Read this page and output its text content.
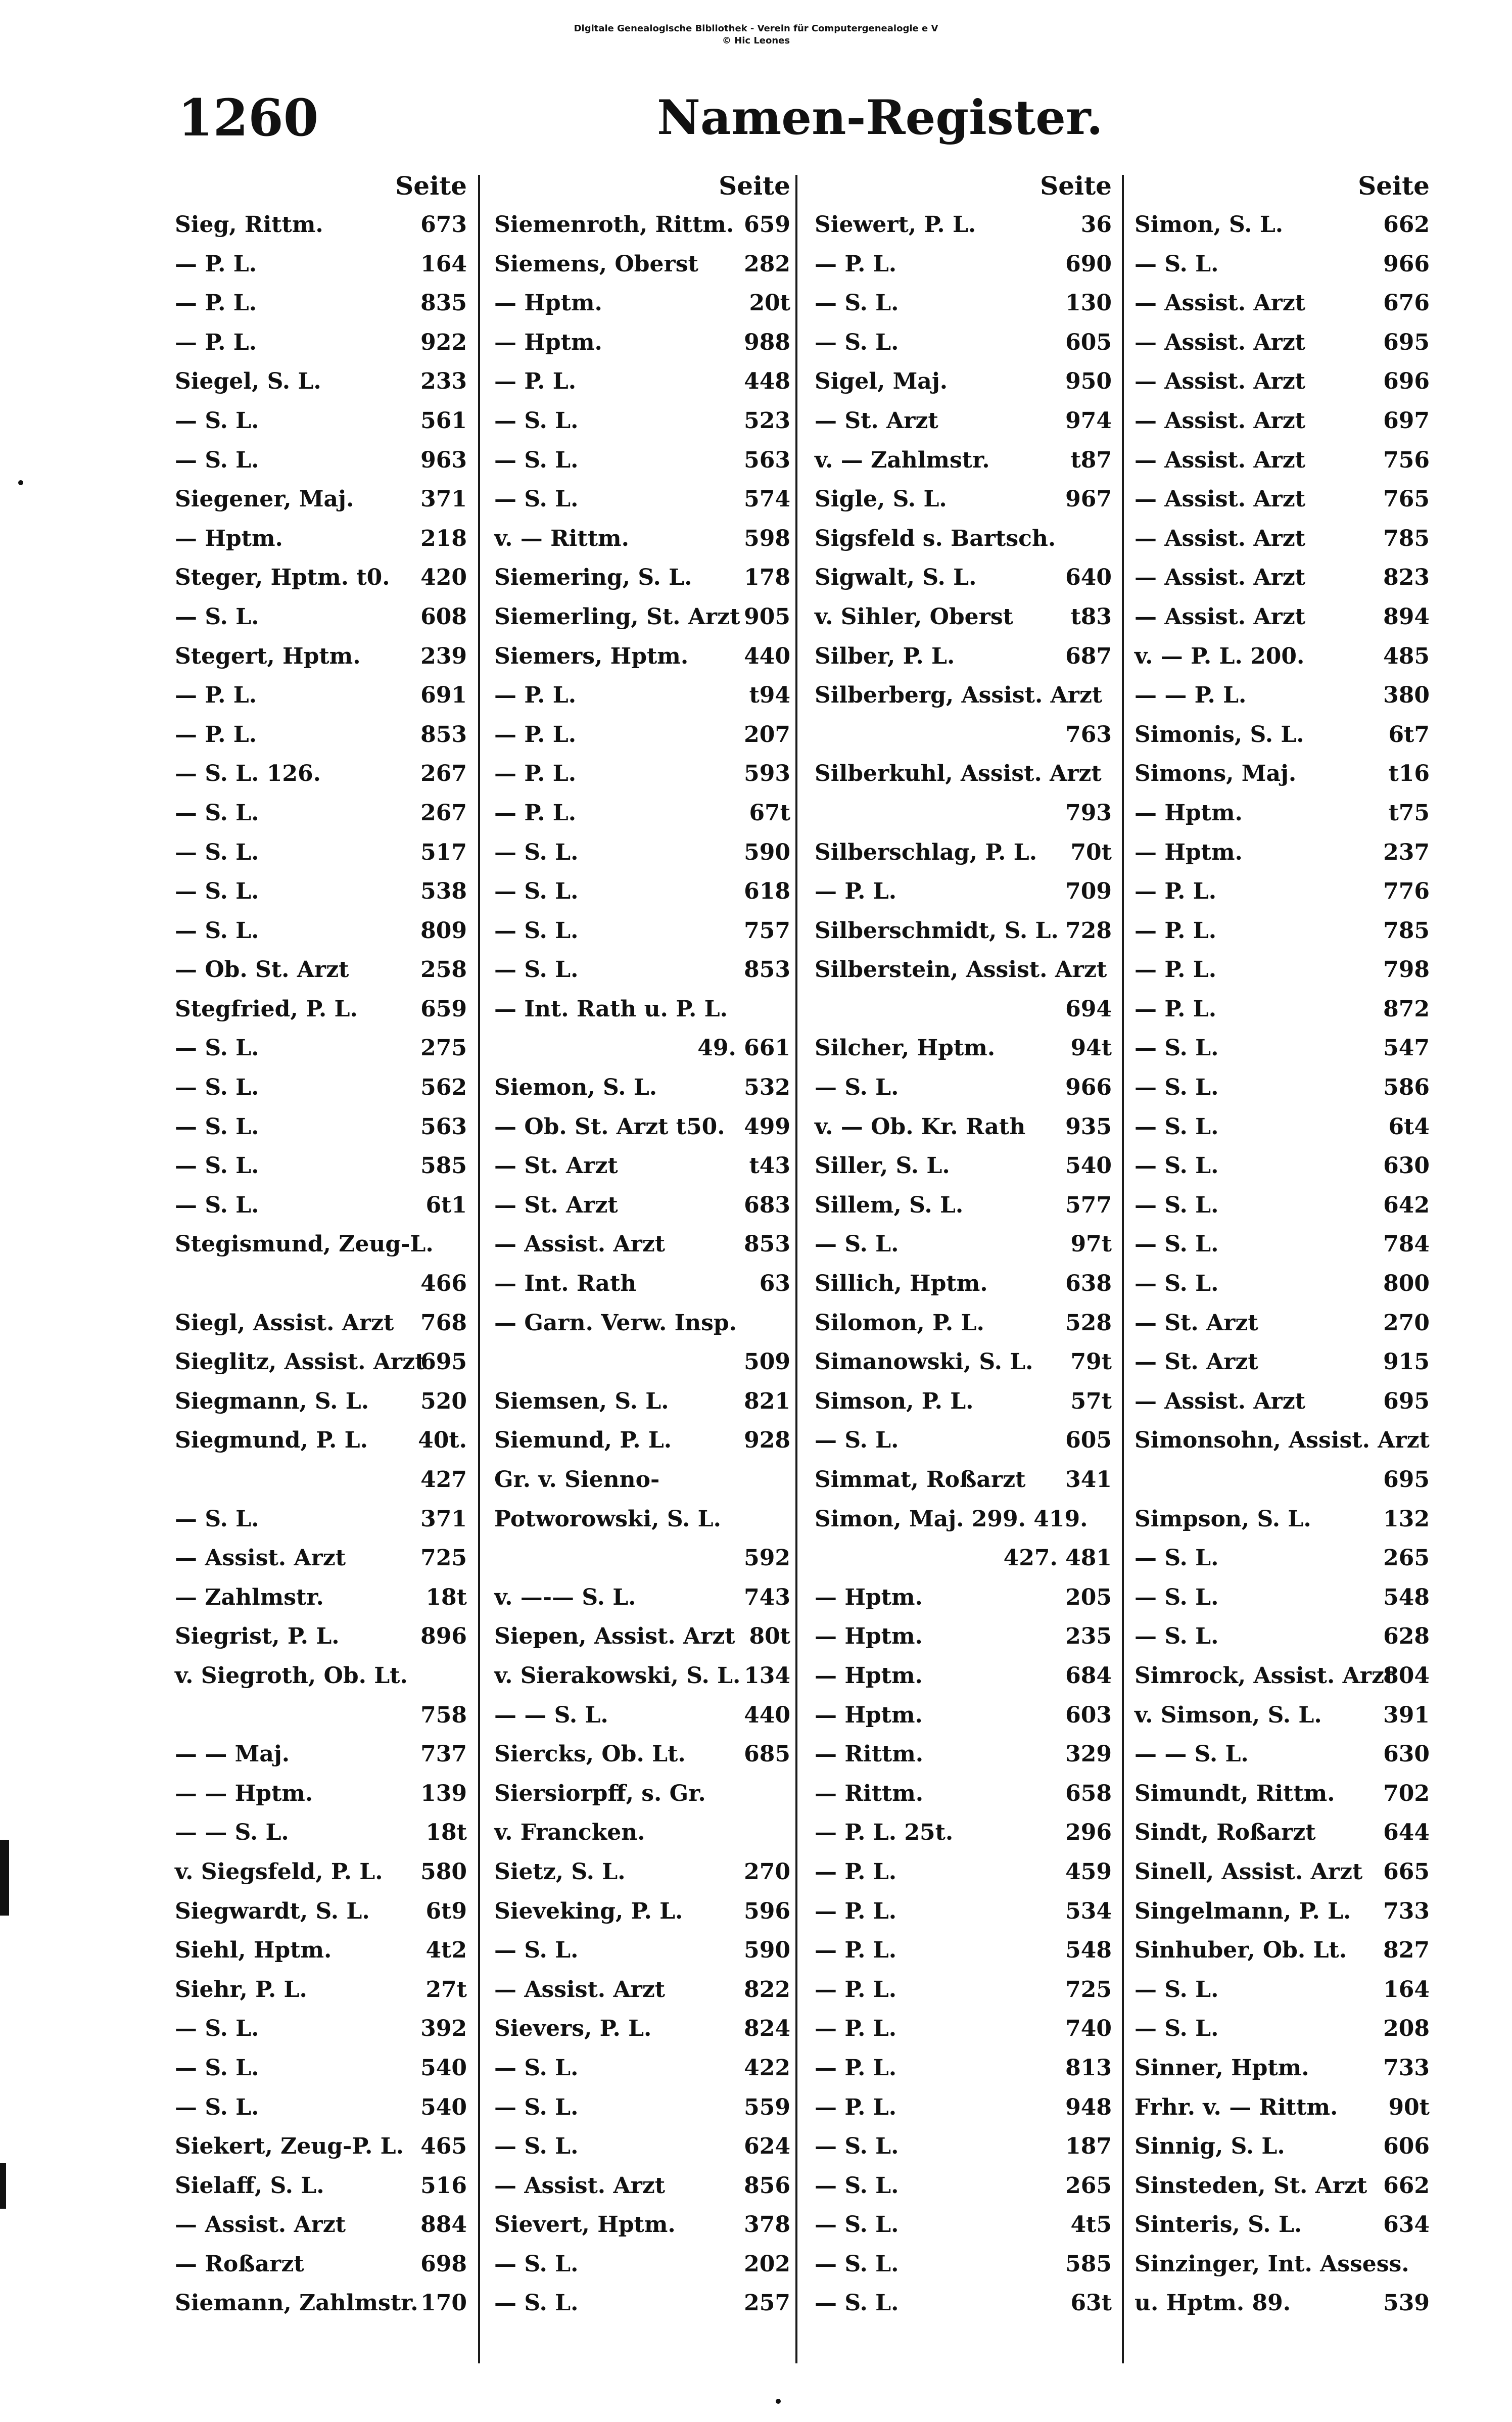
Digitale Genealogische Bibliothek - Verein für Computergenealogie e V
© Hic Leones
1260	Namen-Register.
Seite
Sieg, Rittm.	673
— P. L.	164
— P. L.	835
— P. L.	922
Siegel, S. L.	233
— S. L.	561
— S. L.	963
Siegener, Maj.	371
— Hptm.	218
Steger, Hptm. t0. 420
— S. L.	608
Stegert, Hptm.	239
— P. L.	691
— P. L.	853
— S. L. 126.	267
— S. L.	267
— S. L.	517
— S. L.	538
— S. L.	809
— Ob. St. Arzt	258
Stegfried, P. L.	659
— S. L.	275
— S. L.	562
— S. L.	563
— S. L.	585
— S. L.	6t1
Stegismund, Zeug-L.
466
Siegl, Assist. Arzt 768
Sieglitz, Assist. Arzt
695
Siegmann, S. L. 520
Siegmund, P. L. 40t.
427
— S. L.	371
— Assist. Arzt	725
— Zahlmstr.	18t
Siegrist, P. L.	896
v. Siegroth, Ob. Lt.
758
— — Maj.	737
— — Hptm.	139
— — S. L.	18t
v. Siegsfeld, P. L. 580
Siegwardt, S. L.	6t9
Siehl, Hptm.	4t2
Siehr, P. L.	27t
— S. L.	392
— S. L.	540
— S. L.	540
Siekert, Zeug-P. L. 465
Sielaff, S. L.	516
— Assist. Arzt	884
— Roßarzt	698
Siemann, Zahlmstr. 170
Seite
Siemenroth, Rittm. 659
Siemens, Oberst 282
— Hptm.	20t
— Hptm.	988
— P. L.	448
— S. L.	523
— S. L.	563
— S. L.	574
v. — Rittm.	598
Siemering, S. L. 178
Siemerling, St. Arzt 905
Siemers, Hptm. 440
— P. L.	t94
— P. L.	207
— P. L.	593
— P. L.	67t
— S. L.	590
— S. L.	618
— S. L.	757
— S. L.	853
— Int. Rath u. P. L.
49. 661
Siemon, S. L.	532
— Ob. St. Arzt t50. 499
— St. Arzt	t43
— St. Arzt	683
— Assist. Arzt	853
— Int. Rath	63
— Garn. Verw. Insp.
509
Siemsen, S. L.	821
Siemund, P. L.	928
Gr. v. Sienno-
Potworowski, S. L.
592
v. —-— S. L.	743
Siepen, Assist. Arzt 80t
v. Sierakowski, S. L. 134
— — S. L.	440
Siercks, Ob. Lt.	685
Siersiorpff, s. Gr.
v. Francken.
Sietz, S. L.	270
Sieveking, P. L.	596
— S. L.	590
— Assist. Arzt	822
Sievers, P. L.	824
— S. L.	422
— S. L.	559
— S. L.	624
— Assist. Arzt	856
Sievert, Hptm.	378
— S. L.	202
— S. L.	257
Seite
Siewert, P. L.	36
— P. L.	690
— S. L.	130
— S. L.	605
Sigel, Maj.	950
— St. Arzt	974
v. — Zahlmstr.	t87
Sigle, S. L.	967
Sigsfeld s. Bartsch.
Sigwalt, S. L.	640
v. Sihler, Oberst	t83
Silber, P. L.	687
Silberberg, Assist. Arzt
763
Silberkuhl, Assist. Arzt
793
Silberschlag, P. L. 70t
— P. L.	709
Silberschmidt, S. L. 728
Silberstein, Assist. Arzt
694
Silcher, Hptm.	94t
— S. L.	966
v. — Ob. Kr. Rath 935
Siller, S. L.	540
Sillem, S. L.	577
— S. L.	97t
Sillich, Hptm.	638
Silomon, P. L.	528
Simanowski, S. L. 79t
Simson, P. L.	57t
— S. L.	605
Simmat, Roßarzt 341
Simon, Maj. 299. 419.
427. 481
— Hptm.	205
— Hptm.	235
— Hptm.	684
— Hptm.	603
— Rittm.	329
— Rittm.	658
— P. L. 25t.	296
— P. L.	459
— P. L.	534
— P. L.	548
— P. L.	725
— P. L.	740
— P. L.	813
— P. L.	948
— S. L.	187
— S. L.	265
— S. L.	4t5
— S. L.	585
— S. L.	63t
Seite
Simon, S. L.	662
— S. L.	966
— Assist. Arzt	676
— Assist. Arzt	695
— Assist. Arzt	696
— Assist. Arzt	697
— Assist. Arzt	756
— Assist. Arzt	765
— Assist. Arzt	785
— Assist. Arzt	823
— Assist. Arzt	894
v. — P. L. 200.	485
— — P. L.	380
Simonis, S. L.	6t7
Simons, Maj.	t16
— Hptm.	t75
— Hptm.	237
— P. L.	776
— P. L.	785
— P. L.	798
— P. L.	872
— S. L.	547
— S. L.	586
— S. L.	6t4
— S. L.	630
— S. L.	642
— S. L.	784
— S. L.	800
— St. Arzt	270
— St. Arzt	915
— Assist. Arzt	695
Simonsohn, Assist. Arzt
695
Simpson, S. L.	132
— S. L.	265
— S. L.	548
— S. L.	628
Simrock, Assist. Arzt
804
v. Simson, S. L.	391
— — S. L.	630
Simundt, Rittm. 702
Sindt, Roßarzt	644
Sinell, Assist. Arzt 665
Singelmann, P. L. 733
Sinhuber, Ob. Lt. 827
— S. L.	164
— S. L.	208
Sinner, Hptm.	733
Frhr. v. — Rittm. 90t
Sinnig, S. L.	606
Sinsteden, St. Arzt 662
Sinteris, S. L.	634
Sinzinger, Int. Assess.
u. Hptm. 89.	539
